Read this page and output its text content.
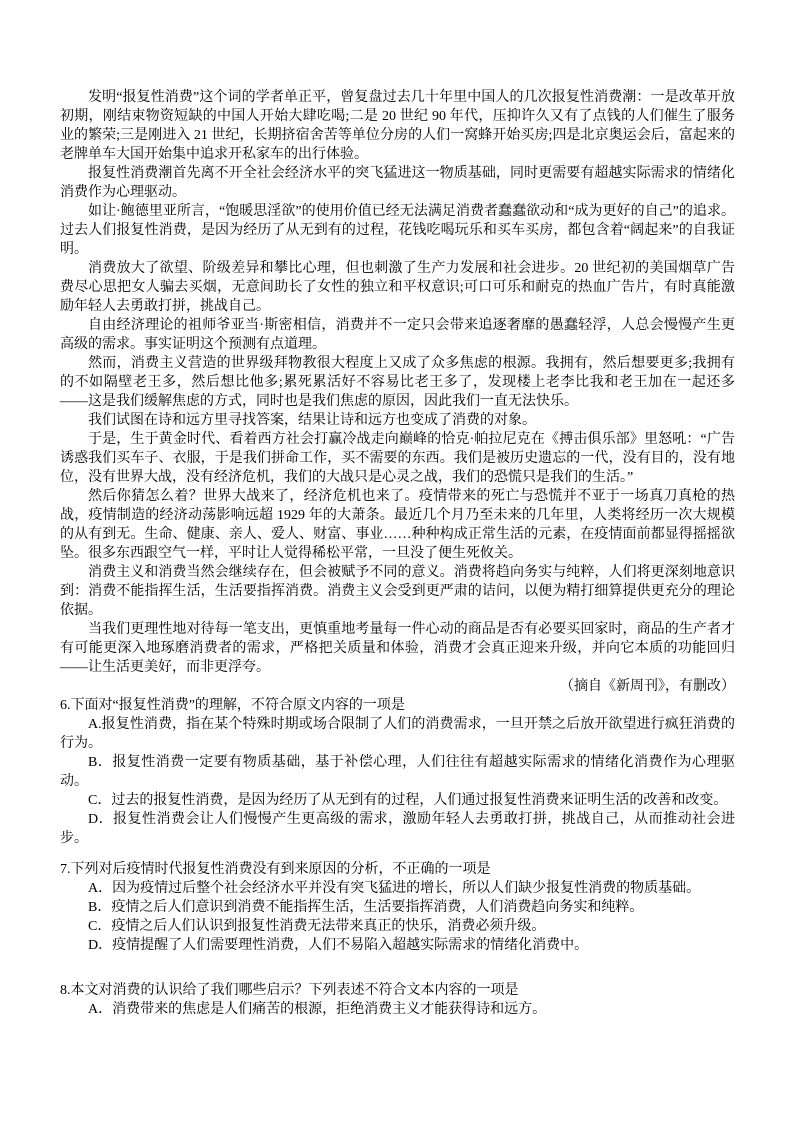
发明“报复性消费”这个词的学者单正平，曾复盘过去几十年里中国人的几次报复性消费潮：一是改革开放初期，刚结束物资短缺的中国人开始大肆吃喝;二是 20 世纪 90 年代，压抑许久又有了点钱的人们催生了服务业的繁荣;三是刚进入 21 世纪，长期挤宿舍苦等单位分房的人们一窝蜂开始买房;四是北京奥运会后，富起来的老牌单车大国开始集中追求开私家车的出行体验。

报复性消费潮首先离不开全社会经济水平的突飞猛进这一物质基础，同时更需要有超越实际需求的情绪化消费作为心理驱动。

如让·鲍德里亚所言，“饱暖思淫欲”的使用价值已经无法满足消费者蠢蠢欲动和“成为更好的自己”的追求。过去人们报复性消费，是因为经历了从无到有的过程，花钱吃喝玩乐和买车买房，都包含着“阔起来”的自我证明。

消费放大了欲望、阶级差异和攀比心理，但也刺激了生产力发展和社会进步。20 世纪初的美国烟草广告费尽心思把女人骗去买烟，无意间助长了女性的独立和平权意识;可口可乐和耐克的热血广告片，有时真能激励年轻人去勇敢打拼，挑战自己。

自由经济理论的祖师爷亚当·斯密相信，消费并不一定只会带来追逐奢靡的愚蠢轻浮，人总会慢慢产生更高级的需求。事实证明这个预测有点道理。

然而，消费主义营造的世界级拜物教很大程度上又成了众多焦虑的根源。我拥有，然后想要更多;我拥有的不如隔壁老王多，然后想比他多;累死累活好不容易比老王多了，发现楼上老李比我和老王加在一起还多——这是我们缓解焦虑的方式，同时也是我们焦虑的原因，因此我们一直无法快乐。

我们试图在诗和远方里寻找答案，结果让诗和远方也变成了消费的对象。

于是，生于黄金时代、看着西方社会打赢冷战走向巅峰的恰克·帕拉尼克在《搏击俱乐部》里怒吼：“广告诱惑我们买车子、衣服，于是我们拼命工作，买不需要的东西。我们是被历史遗忘的一代，没有目的，没有地位，没有世界大战，没有经济危机，我们的大战只是心灵之战，我们的恐慌只是我们的生活。”

然后你猜怎么着？世界大战来了，经济危机也来了。疫情带来的死亡与恐慌并不亚于一场真刀真枪的热战，疫情制造的经济动荡影响远超 1929 年的大萧条。最近几个月乃至未来的几年里，人类将经历一次大规模的从有到无。生命、健康、亲人、爱人、财富、事业……种种构成正常生活的元素，在疫情面前都显得摇摇欲坠。很多东西跟空气一样，平时让人觉得稀松平常，一旦没了便生死攸关。

消费主义和消费当然会继续存在，但会被赋予不同的意义。消费将趋向务实与纯粹，人们将更深刻地意识到：消费不能指挥生活，生活要指挥消费。消费主义会受到更严肃的诘问，以便为精打细算提供更充分的理论依据。

当我们更理性地对待每一笔支出，更慎重地考量每一件心动的商品是否有必要买回家时，商品的生产者才有可能更深入地琢磨消费者的需求，严格把关质量和体验，消费才会真正迎来升级，并向它本质的功能回归——让生活更美好，而非更浮夸。

（摘自《新周刊》，有删改）

6.下面对“报复性消费”的理解，不符合原文内容的一项是

A.报复性消费，指在某个特殊时期或场合限制了人们的消费需求，一旦开禁之后放开欲望进行疯狂消费的行为。

B．报复性消费一定要有物质基础，基于补偿心理，人们往往有超越实际需求的情绪化消费作为心理驱动。

C．过去的报复性消费，是因为经历了从无到有的过程，人们通过报复性消费来证明生活的改善和改变。

D．报复性消费会让人们慢慢产生更高级的需求，激励年轻人去勇敢打拼，挑战自己，从而推动社会进步。

7.下列对后疫情时代报复性消费没有到来原因的分析，不正确的一项是

A．因为疫情过后整个社会经济水平并没有突飞猛进的增长，所以人们缺少报复性消费的物质基础。

B．疫情之后人们意识到消费不能指挥生活，生活要指挥消费，人们消费趋向务实和纯粹。

C．疫情之后人们认识到报复性消费无法带来真正的快乐，消费必须升级。

D．疫情提醒了人们需要理性消费，人们不易陷入超越实际需求的情绪化消费中。

8.本文对消费的认识给了我们哪些启示？下列表述不符合文本内容的一项是

A．消费带来的焦虑是人们痛苦的根源，拒绝消费主义才能获得诗和远方。
